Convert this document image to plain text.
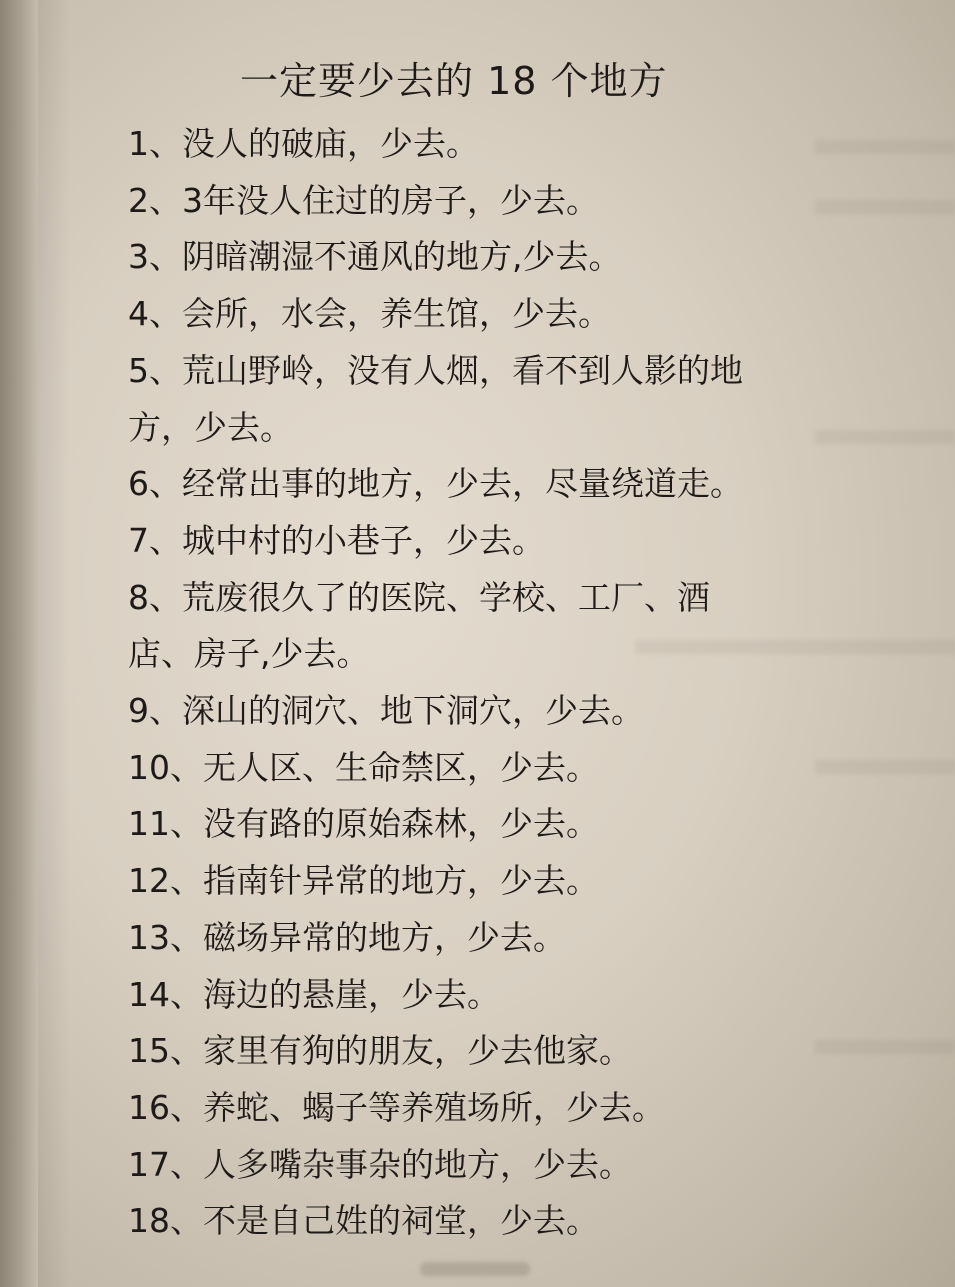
一定要少去的 18 个地方
1、没人的破庙，少去。
2、3年没人住过的房子，少去。
3、阴暗潮湿不通风的地方,少去。
4、会所，水会，养生馆，少去。
5、荒山野岭，没有人烟，看不到人影的地
方，少去。
6、经常出事的地方，少去，尽量绕道走。
7、城中村的小巷子，少去。
8、荒废很久了的医院、学校、工厂、酒
店、房子,少去。
9、深山的洞穴、地下洞穴，少去。
10、无人区、生命禁区，少去。
11、没有路的原始森林，少去。
12、指南针异常的地方，少去。
13、磁场异常的地方，少去。
14、海边的悬崖，少去。
15、家里有狗的朋友，少去他家。
16、养蛇、蝎子等养殖场所，少去。
17、人多嘴杂事杂的地方，少去。
18、不是自己姓的祠堂，少去。
